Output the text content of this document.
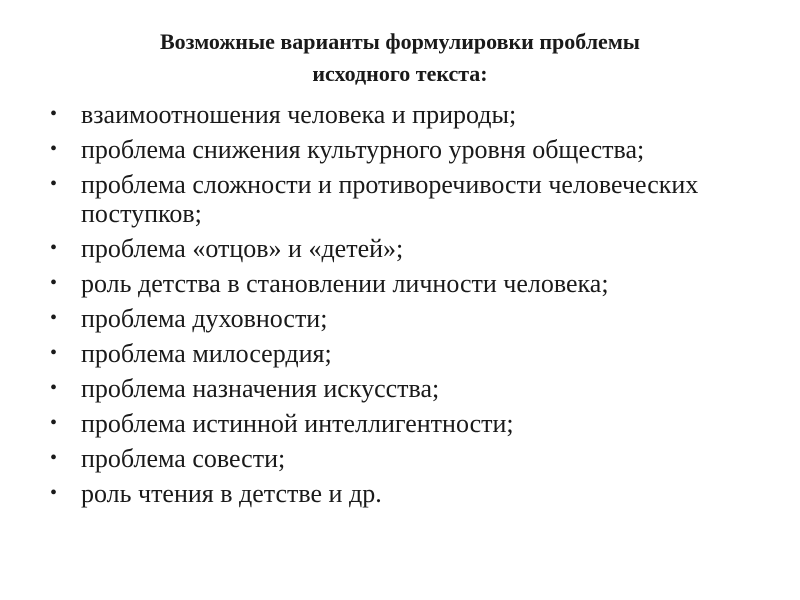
Возможные варианты формулировки проблемы
исходного текста:
• взаимоотношения человека и природы;
• проблема снижения культурного уровня общества;
• проблема сложности и противоречивости человеческих поступков;
• проблема «отцов» и «детей»;
• роль детства в становлении личности человека;
• проблема духовности;
• проблема милосердия;
• проблема назначения искусства;
• проблема истинной интеллигентности;
• проблема совести;
• роль чтения в детстве и др.
